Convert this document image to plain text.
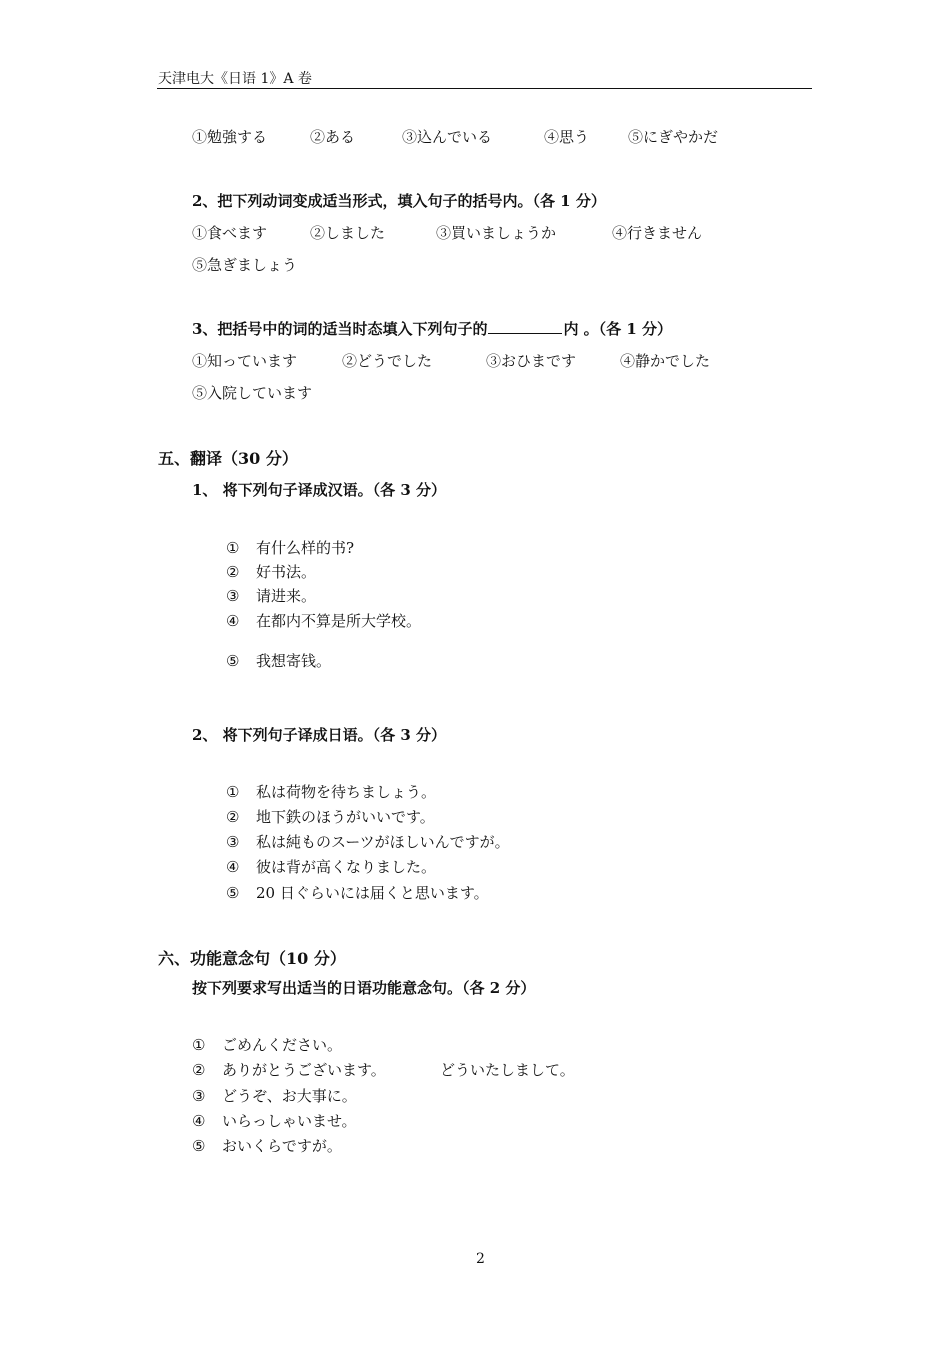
天津电大《日语 1》A 卷
①勉強する	②ある	③込んでいる	④思う	⑤にぎやかだ
2、把下列动词变成适当形式，填入句子的括号内。（各 1 分）
①食べます	②しました	③買いましょうか	④行きません
⑤急ぎましょう
3、把括号中的词的适当时态填入下列句子的	内 。（各 1 分）
①知っています	②どうでした	③おひまです	④静かでした
⑤入院しています
五、翻译（30 分）
1、 将下列句子译成汉语。（各 3 分）
① 有什么样的书?
② 好书法。
③ 请进来。
④ 在都内不算是所大学校。
⑤ 我想寄钱。
2、 将下列句子译成日语。（各 3 分）
① 私は荷物を待ちましょう。
② 地下鉄のほうがいいです。
③ 私は純ものスーツがほしいんですが。
④ 彼は背が高くなりました。
⑤ 20 日ぐらいには届くと思います。
六、功能意念句（10 分）
按下列要求写出适当的日语功能意念句。（各 2 分）
① ごめんください。
② ありがとうございます。	どういたしまして。
③ どうぞ、お大事に。
④ いらっしゃいませ。
⑤ おいくらですが。
2
